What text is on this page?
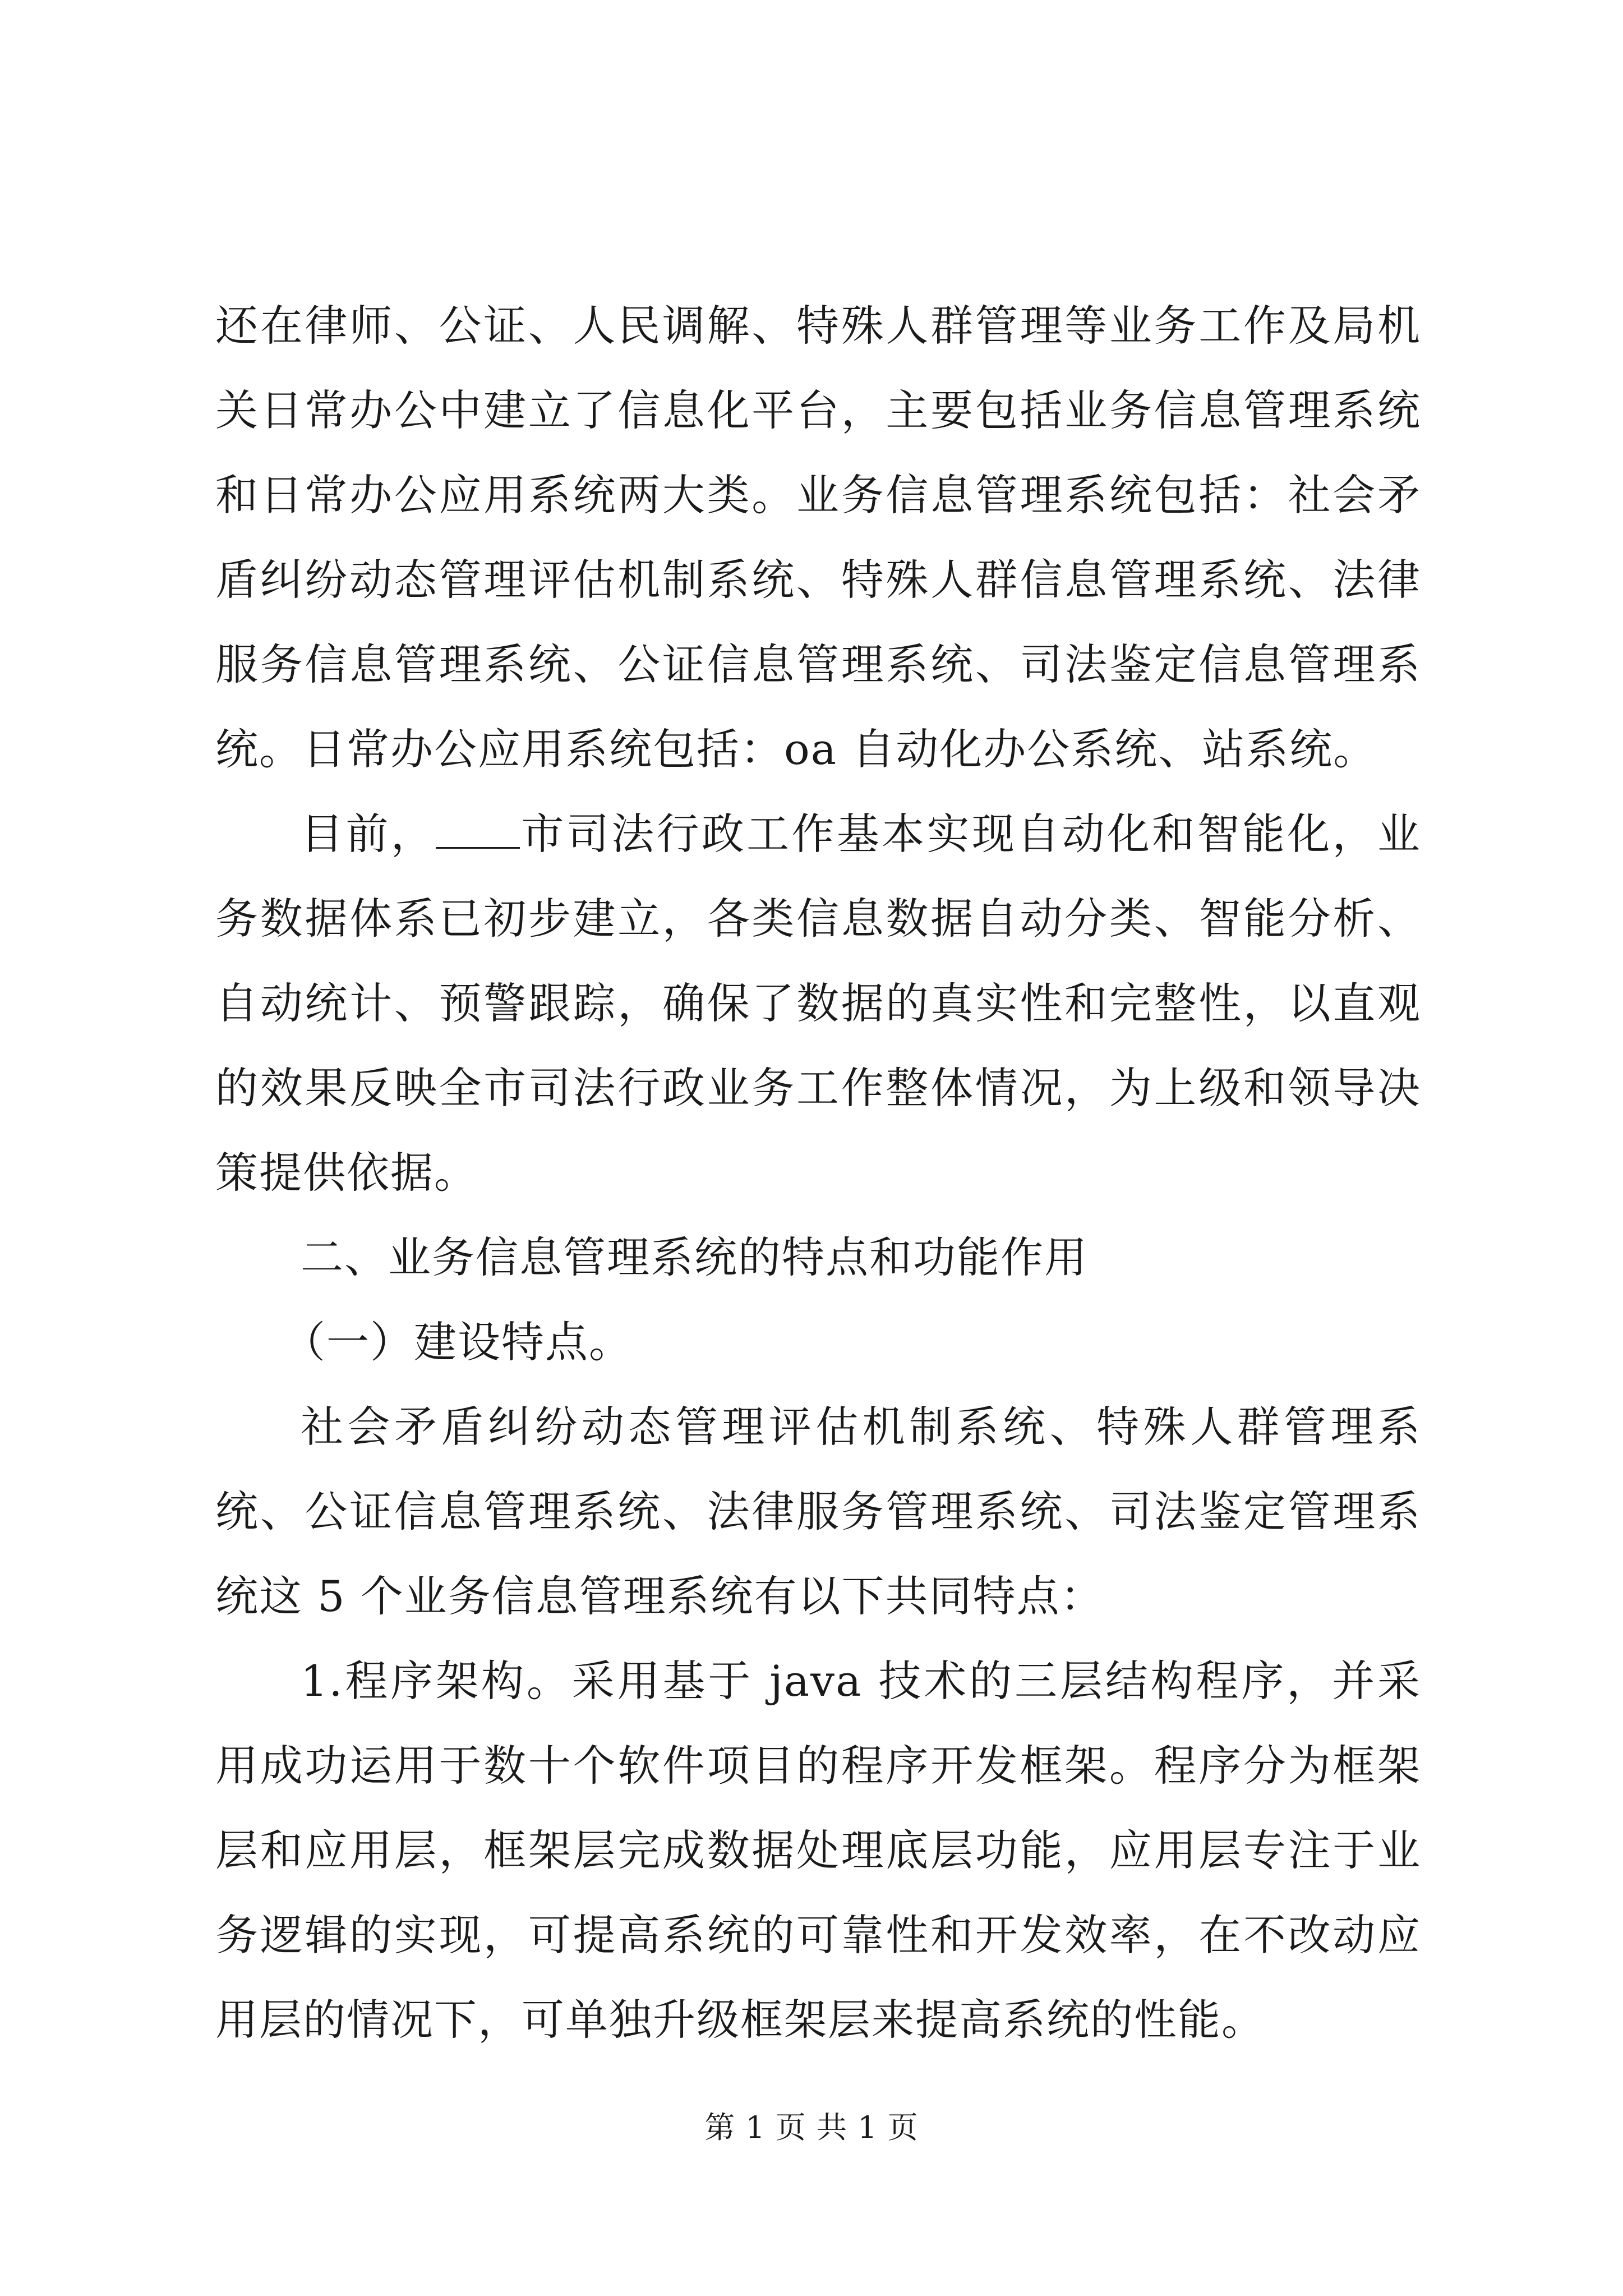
还在律师、公证、人民调解、特殊人群管理等业务工作及局机关日常办公中建立了信息化平台，主要包括业务信息管理系统和日常办公应用系统两大类。业务信息管理系统包括：社会矛盾纠纷动态管理评估机制系统、特殊人群信息管理系统、法律服务信息管理系统、公证信息管理系统、司法鉴定信息管理系统。日常办公应用系统包括：oa 自动化办公系统、站系统。

目前， 市司法行政工作基本实现自动化和智能化，业务数据体系已初步建立，各类信息数据自动分类、智能分析、自动统计、预警跟踪，确保了数据的真实性和完整性，以直观的效果反映全市司法行政业务工作整体情况，为上级和领导决策提供依据。

二、业务信息管理系统的特点和功能作用

（一）建设特点。

社会矛盾纠纷动态管理评估机制系统、特殊人群管理系统、公证信息管理系统、法律服务管理系统、司法鉴定管理系统这 5 个业务信息管理系统有以下共同特点：

1.程序架构。采用基于 java 技术的三层结构程序，并采用成功运用于数十个软件项目的程序开发框架。程序分为框架层和应用层，框架层完成数据处理底层功能，应用层专注于业务逻辑的实现，可提高系统的可靠性和开发效率，在不改动应用层的情况下，可单独升级框架层来提高系统的性能。

第 1 页 共 1 页
